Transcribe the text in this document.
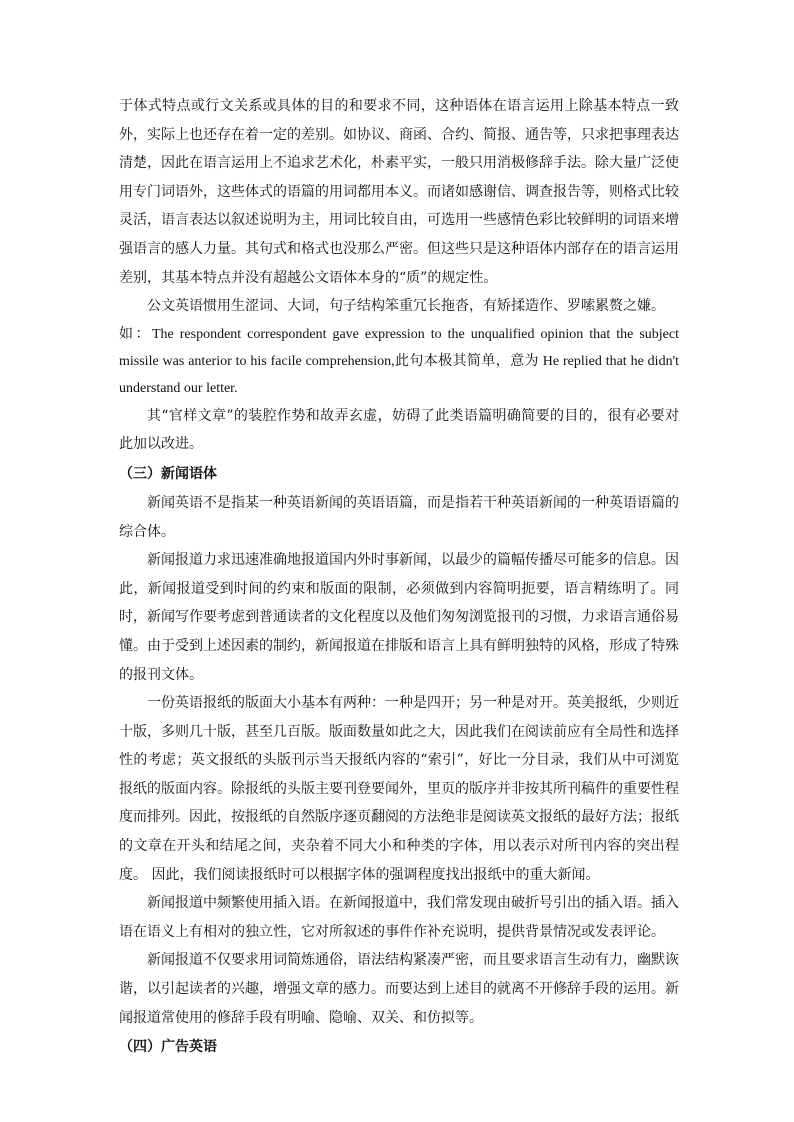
于体式特点或行文关系或具体的目的和要求不同，这种语体在语言运用上除基本特点一致外，实际上也还存在着一定的差别。如协议、商函、合约、简报、通告等，只求把事理表达清楚，因此在语言运用上不追求艺术化，朴素平实，一般只用消极修辞手法。除大量广泛使用专门词语外，这些体式的语篇的用词都用本义。而诸如感谢信、调查报告等，则格式比较灵活，语言表达以叙述说明为主，用词比较自由，可选用一些感情色彩比较鲜明的词语来增强语言的感人力量。其句式和格式也没那么严密。但这些只是这种语体内部存在的语言运用差别，其基本特点并没有超越公文语体本身的“质”的规定性。

公文英语惯用生涩词、大词，句子结构笨重冗长拖沓，有矫揉造作、罗嗦累赘之嫌。

如：The respondent correspondent gave expression to the unqualified opinion that the subject missile was anterior to his facile comprehension,此句本极其简单，意为 He replied that he didn't understand our letter.

其“官样文章”的装腔作势和故弄玄虚，妨碍了此类语篇明确简要的目的，很有必要对此加以改进。

（三）新闻语体

新闻英语不是指某一种英语新闻的英语语篇，而是指若干种英语新闻的一种英语语篇的综合体。

新闻报道力求迅速准确地报道国内外时事新闻，以最少的篇幅传播尽可能多的信息。因此，新闻报道受到时间的约束和版面的限制，必须做到内容简明扼要，语言精练明了。同时，新闻写作要考虑到普通读者的文化程度以及他们匆匆浏览报刊的习惯，力求语言通俗易懂。由于受到上述因素的制约，新闻报道在排版和语言上具有鲜明独特的风格，形成了特殊的报刊文体。

一份英语报纸的版面大小基本有两种：一种是四开；另一种是对开。英美报纸，少则近十版，多则几十版，甚至几百版。版面数量如此之大，因此我们在阅读前应有全局性和选择性的考虑；英文报纸的头版刊示当天报纸内容的“索引”，好比一分目录，我们从中可浏览报纸的版面内容。除报纸的头版主要刊登要闻外，里页的版序并非按其所刊稿件的重要性程度而排列。因此，按报纸的自然版序逐页翻阅的方法绝非是阅读英文报纸的最好方法；报纸的文章在开头和结尾之间，夹杂着不同大小和种类的字体，用以表示对所刊内容的突出程度。 因此，我们阅读报纸时可以根据字体的强调程度找出报纸中的重大新闻。

新闻报道中频繁使用插入语。在新闻报道中，我们常发现由破折号引出的插入语。插入语在语义上有相对的独立性，它对所叙述的事件作补充说明，提供背景情况或发表评论。

新闻报道不仅要求用词简炼通俗，语法结构紧凑严密，而且要求语言生动有力，幽默诙谐，以引起读者的兴趣，增强文章的感力。而要达到上述目的就离不开修辞手段的运用。新闻报道常使用的修辞手段有明喻、隐喻、双关、和仿拟等。

（四）广告英语
